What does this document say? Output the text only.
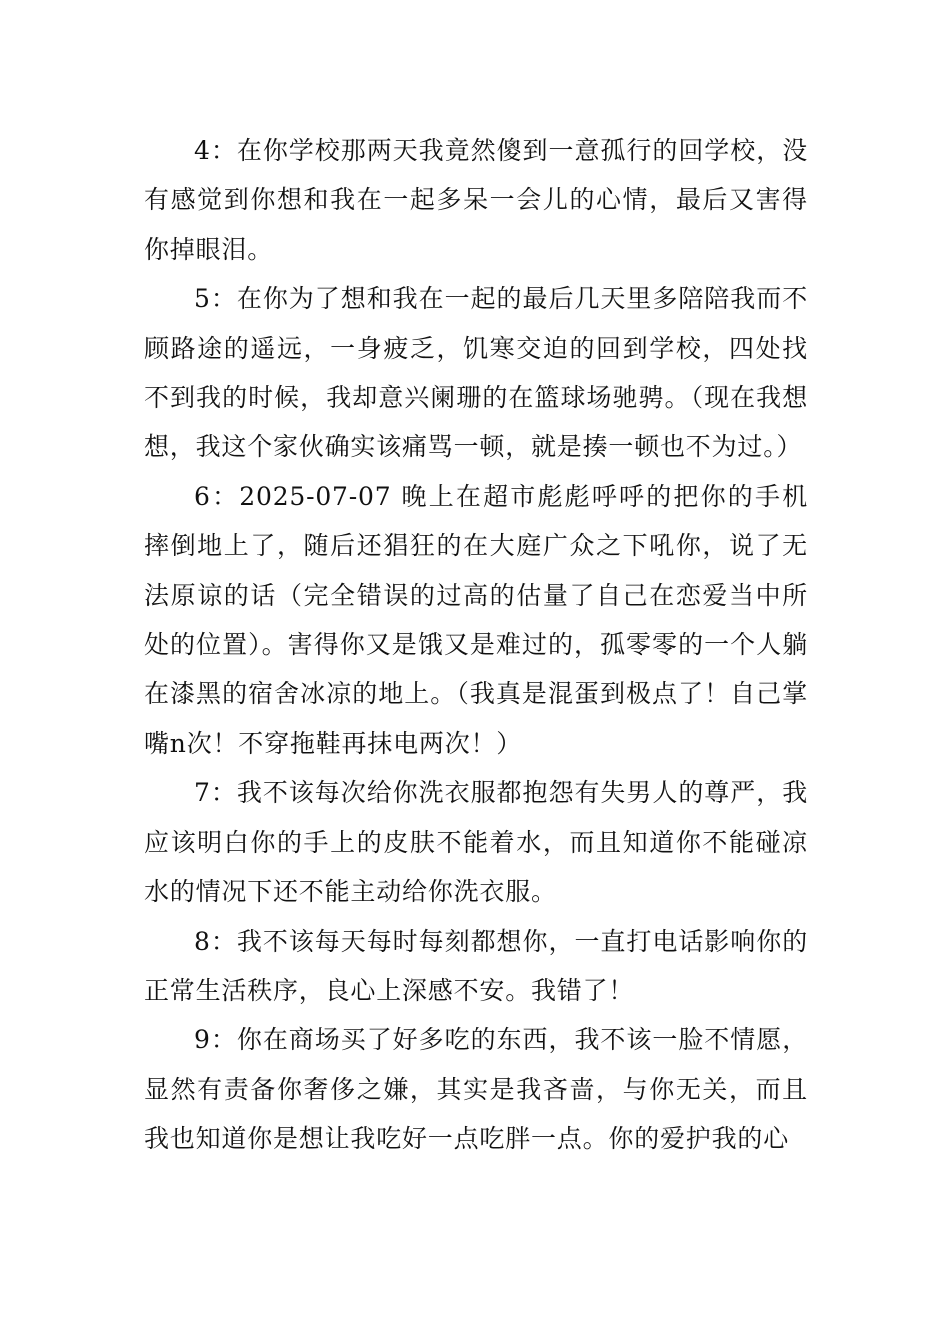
4：在你学校那两天我竟然傻到一意孤行的回学校，没有感觉到你想和我在一起多呆一会儿的心情，最后又害得你掉眼泪。

5：在你为了想和我在一起的最后几天里多陪陪我而不顾路途的遥远，一身疲乏，饥寒交迫的回到学校，四处找不到我的时候，我却意兴阑珊的在篮球场驰骋。（现在我想想，我这个家伙确实该痛骂一顿，就是揍一顿也不为过。）

6：2025-07-07 晚上在超市彪彪呼呼的把你的手机摔倒地上了，随后还猖狂的在大庭广众之下吼你，说了无法原谅的话（完全错误的过高的估量了自己在恋爱当中所处的位置）。害得你又是饿又是难过的，孤零零的一个人躺在漆黑的宿舍冰凉的地上。（我真是混蛋到极点了！自己掌嘴n次！不穿拖鞋再抹电两次！）

7：我不该每次给你洗衣服都抱怨有失男人的尊严，我应该明白你的手上的皮肤不能着水，而且知道你不能碰凉水的情况下还不能主动给你洗衣服。

8：我不该每天每时每刻都想你，一直打电话影响你的正常生活秩序，良心上深感不安。我错了！

9：你在商场买了好多吃的东西，我不该一脸不情愿，显然有责备你奢侈之嫌，其实是我吝啬，与你无关，而且我也知道你是想让我吃好一点吃胖一点。你的爱护我的心
